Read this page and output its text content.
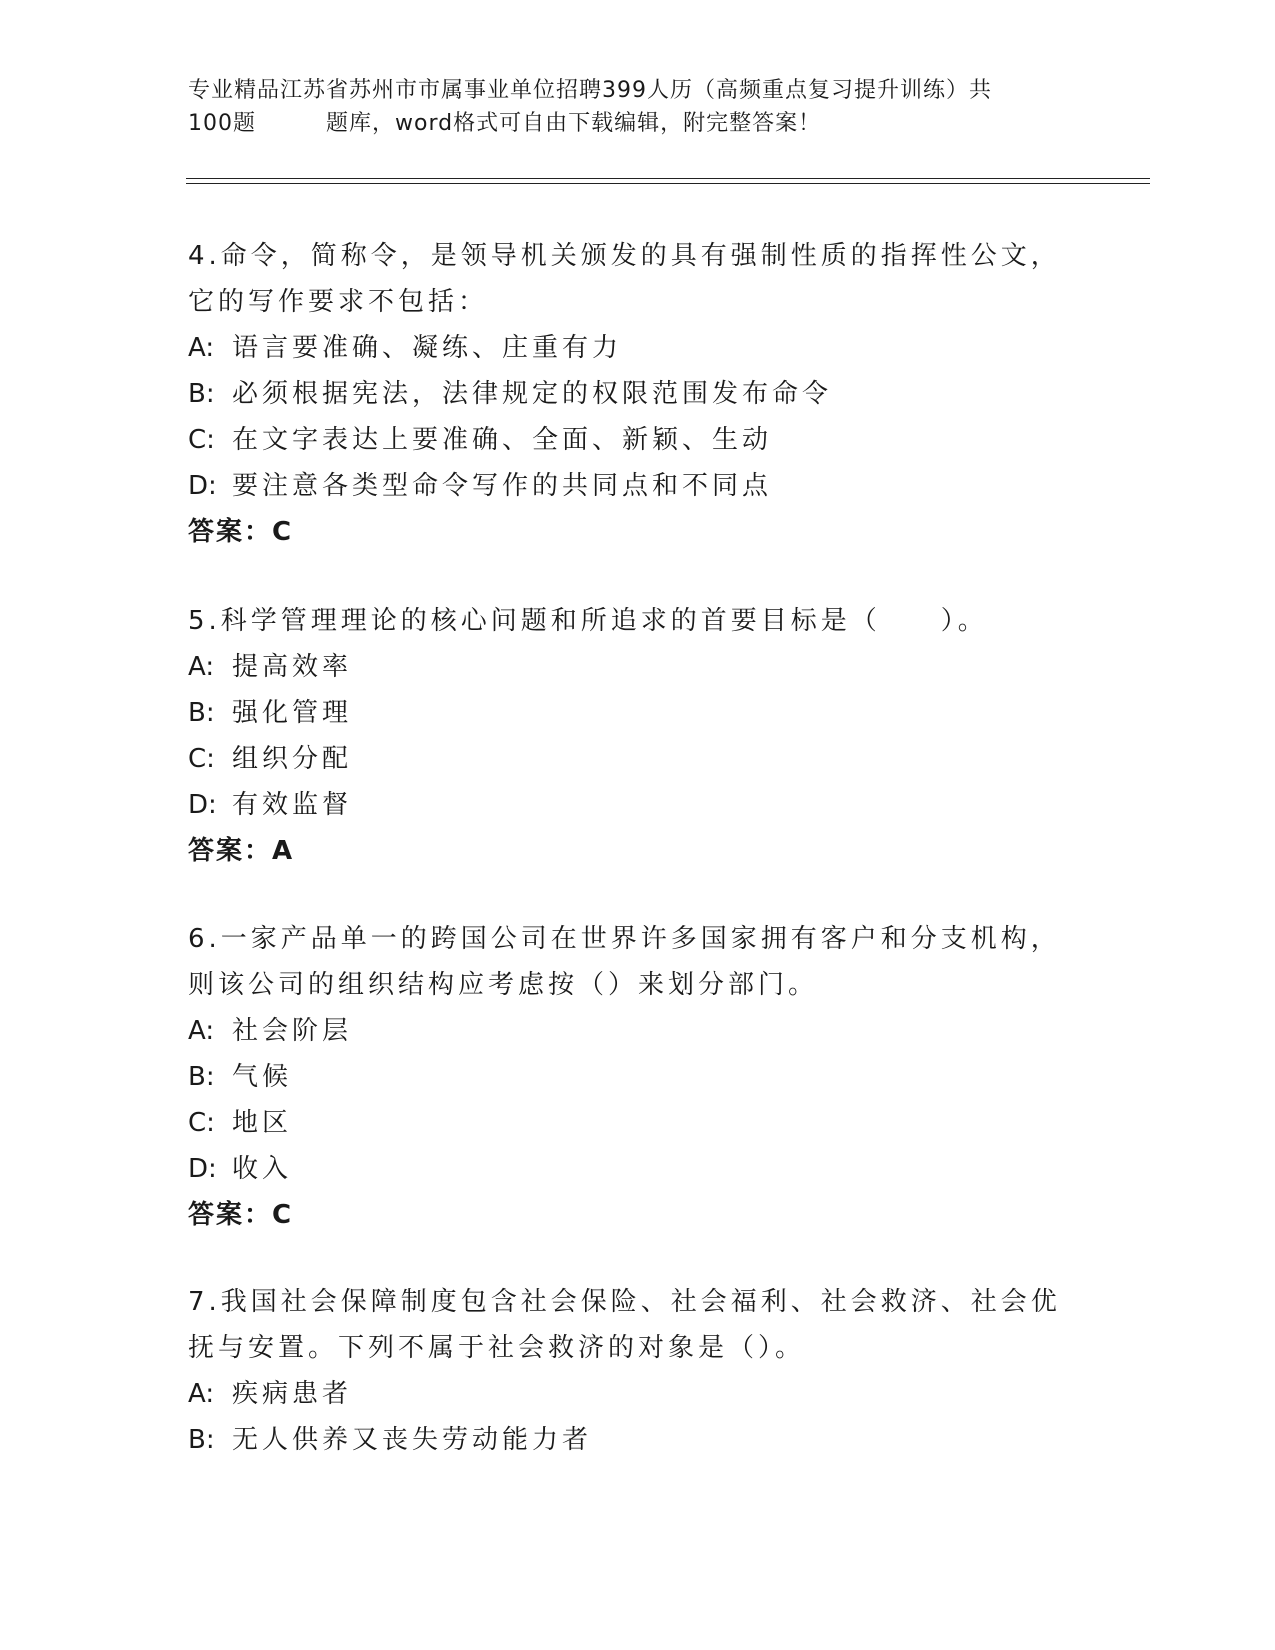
专业精品江苏省苏州市市属事业单位招聘399人历（高频重点复习提升训练）共
100题	题库，word格式可自由下载编辑，附完整答案！

4.命令，简称令，是领导机关颁发的具有强制性质的指挥性公文，它的写作要求不包括：

A: 语言要准确、凝练、庄重有力

B: 必须根据宪法，法律规定的权限范围发布命令

C: 在文字表达上要准确、全面、新颖、生动

D: 要注意各类型命令写作的共同点和不同点

答案：C

5.科学管理理论的核心问题和所追求的首要目标是（　　）。

A: 提高效率

B: 强化管理

C: 组织分配

D: 有效监督

答案：A

6.一家产品单一的跨国公司在世界许多国家拥有客户和分支机构，则该公司的组织结构应考虑按（）来划分部门。

A: 社会阶层

B: 气候

C: 地区

D: 收入

答案：C

7.我国社会保障制度包含社会保险、社会福利、社会救济、社会优抚与安置。下列不属于社会救济的对象是（）。

A: 疾病患者

B: 无人供养又丧失劳动能力者
